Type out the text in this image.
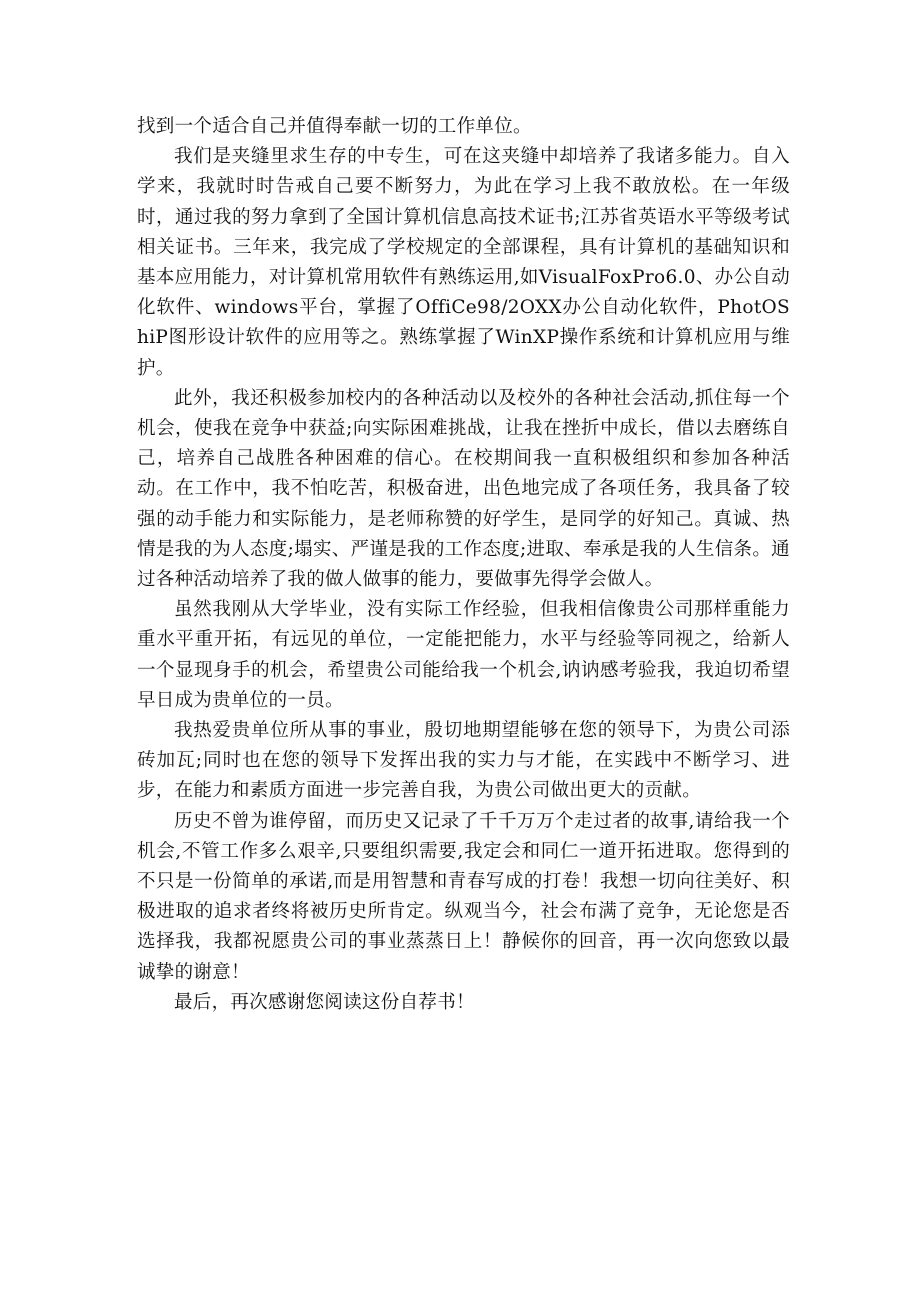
找到一个适合自己并值得奉献一切的工作单位。

我们是夹缝里求生存的中专生，可在这夹缝中却培养了我诸多能力。自入学来，我就时时告戒自己要不断努力，为此在学习上我不敢放松。在一年级时，通过我的努力拿到了全国计算机信息高技术证书;江苏省英语水平等级考试相关证书。三年来，我完成了学校规定的全部课程，具有计算机的基础知识和基本应用能力，对计算机常用软件有熟练运用,如VisualFoxPro6.0、办公自动化软件、windows平台，掌握了OffiCe98/2OXX办公自动化软件，PhotOShiP图形设计软件的应用等之。熟练掌握了WinXP操作系统和计算机应用与维护。

此外，我还积极参加校内的各种活动以及校外的各种社会活动,抓住每一个机会，使我在竞争中获益;向实际困难挑战，让我在挫折中成长，借以去磨练自己，培养自己战胜各种困难的信心。在校期间我一直积极组织和参加各种活动。在工作中，我不怕吃苦，积极奋进，出色地完成了各项任务，我具备了较强的动手能力和实际能力，是老师称赞的好学生，是同学的好知己。真诚、热情是我的为人态度;塌实、严谨是我的工作态度;进取、奉承是我的人生信条。通过各种活动培养了我的做人做事的能力，要做事先得学会做人。

虽然我刚从大学毕业，没有实际工作经验，但我相信像贵公司那样重能力重水平重开拓，有远见的单位，一定能把能力，水平与经验等同视之，给新人一个显现身手的机会，希望贵公司能给我一个机会,讷讷感考验我，我迫切希望早日成为贵单位的一员。

我热爱贵单位所从事的事业，殷切地期望能够在您的领导下，为贵公司添砖加瓦;同时也在您的领导下发挥出我的实力与才能，在实践中不断学习、进步，在能力和素质方面进一步完善自我，为贵公司做出更大的贡献。

历史不曾为谁停留，而历史又记录了千千万万个走过者的故事,请给我一个机会,不管工作多么艰辛,只要组织需要,我定会和同仁一道开拓进取。您得到的不只是一份简单的承诺,而是用智慧和青春写成的打卷！我想一切向往美好、积极进取的追求者终将被历史所肯定。纵观当今，社会布满了竞争，无论您是否选择我，我都祝愿贵公司的事业蒸蒸日上！静候你的回音，再一次向您致以最诚挚的谢意！

最后，再次感谢您阅读这份自荐书！
